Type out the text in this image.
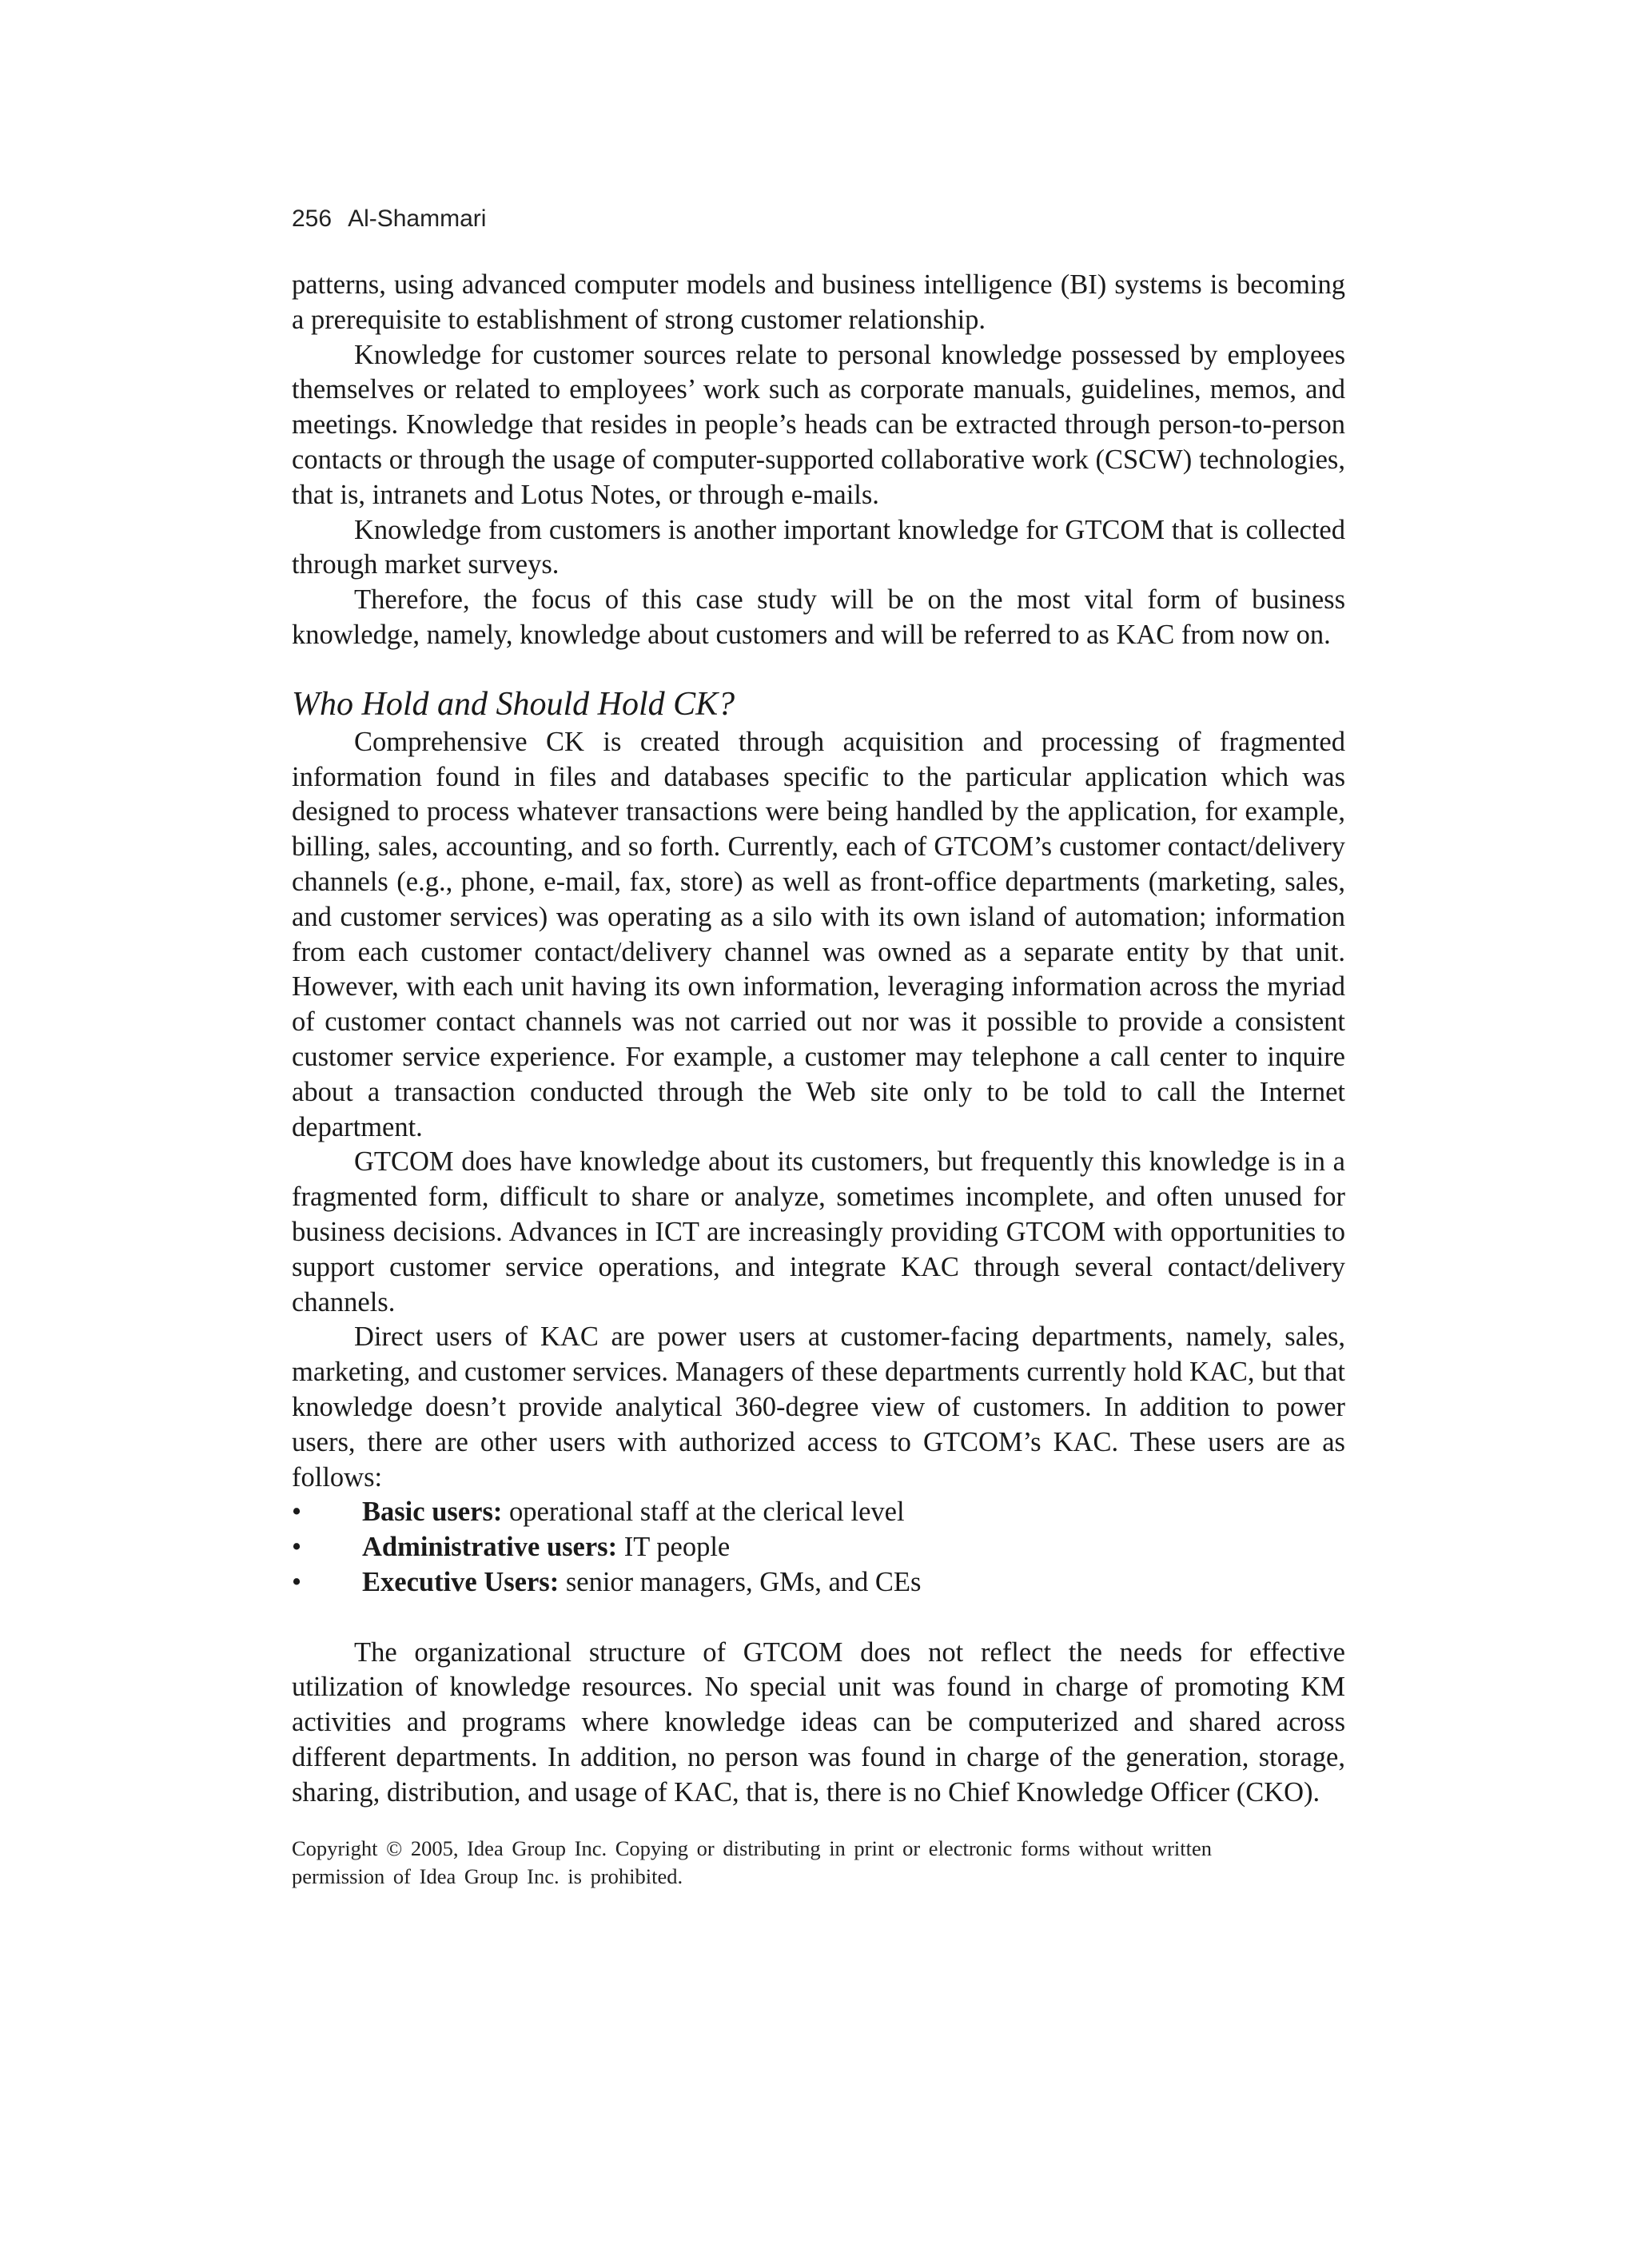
256 Al-Shammari

patterns, using advanced computer models and business intelligence (BI) systems is becoming a prerequisite to establishment of strong customer relationship.

Knowledge for customer sources relate to personal knowledge possessed by employees themselves or related to employees’ work such as corporate manuals, guidelines, memos, and meetings. Knowledge that resides in people’s heads can be extracted through person-to-person contacts or through the usage of computer-supported collaborative work (CSCW) technologies, that is, intranets and Lotus Notes, or through e-mails.

Knowledge from customers is another important knowledge for GTCOM that is collected through market surveys.

Therefore, the focus of this case study will be on the most vital form of business knowledge, namely, knowledge about customers and will be referred to as KAC from now on.

Who Hold and Should Hold CK?

Comprehensive CK is created through acquisition and processing of fragmented information found in files and databases specific to the particular application which was designed to process whatever transactions were being handled by the application, for example, billing, sales, accounting, and so forth. Currently, each of GTCOM’s customer contact/delivery channels (e.g., phone, e-mail, fax, store) as well as front-office departments (marketing, sales, and customer services) was operating as a silo with its own island of automation; information from each customer contact/delivery channel was owned as a separate entity by that unit. However, with each unit having its own information, leveraging information across the myriad of customer contact channels was not carried out nor was it possible to provide a consistent customer service experience. For example, a customer may telephone a call center to inquire about a transaction conducted through the Web site only to be told to call the Internet department.

GTCOM does have knowledge about its customers, but frequently this knowledge is in a fragmented form, difficult to share or analyze, sometimes incomplete, and often unused for business decisions. Advances in ICT are increasingly providing GTCOM with opportunities to support customer service operations, and integrate KAC through several contact/delivery channels.

Direct users of KAC are power users at customer-facing departments, namely, sales, marketing, and customer services. Managers of these departments currently hold KAC, but that knowledge doesn’t provide analytical 360-degree view of customers. In addition to power users, there are other users with authorized access to GTCOM’s KAC. These users are as follows:

• Basic users: operational staff at the clerical level
• Administrative users: IT people
• Executive Users: senior managers, GMs, and CEs

The organizational structure of GTCOM does not reflect the needs for effective utilization of knowledge resources. No special unit was found in charge of promoting KM activities and programs where knowledge ideas can be computerized and shared across different departments. In addition, no person was found in charge of the generation, storage, sharing, distribution, and usage of KAC, that is, there is no Chief Knowledge Officer (CKO).

Copyright © 2005, Idea Group Inc. Copying or distributing in print or electronic forms without written
permission of Idea Group Inc. is prohibited.
